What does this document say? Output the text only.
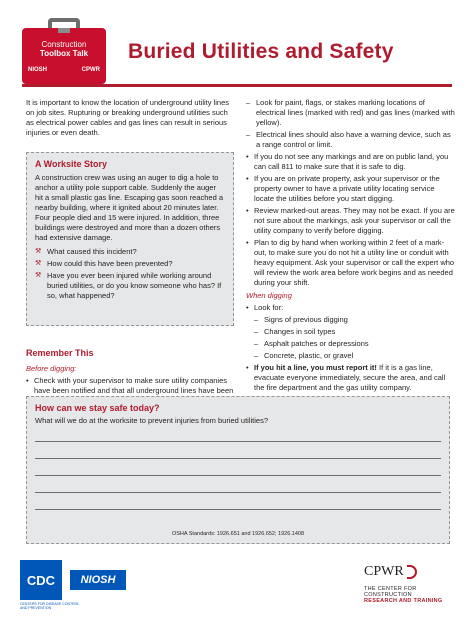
Construction
Toolbox Talk
NIOSH	CPWR
Buried Utilities and Safety

It is important to know the location of underground utility lines on job sites. Rupturing or breaking underground utilities such as electrical power cables and gas lines can result in serious injuries or even death.

A Worksite Story

A construction crew was using an auger to dig a hole to anchor a utility pole support cable. Suddenly the auger hit a small plastic gas line. Escaping gas soon reached a nearby building, where it ignited about 20 minutes later. Four people died and 15 were injured. In addition, three buildings were destroyed and more than a dozen others had extensive damage.

⚒ What caused this incident?
⚒ How could this have been prevented?
⚒ Have you ever been injured while working around buried utilities, or do you know someone who has? If so, what happened?
Remember This
Before digging:
• Check with your supervisor to make sure utility companies have been notified and that all underground lines have been
– Look for paint, flags, or stakes marking locations of electrical lines (marked with red) and gas lines (marked with yellow).
– Electrical lines should also have a warning device, such as a range control or limit.
• If you do not see any markings and are on public land, you can call 811 to make sure that it is safe to dig.
• If you are on private property, ask your supervisor or the property owner to have a private utility locating service locate the utilities before you start digging.
• Review marked-out areas. They may not be exact. If you are not sure about the markings, ask your supervisor or call the utility company to verify before digging.
• Plan to dig by hand when working within 2 feet of a mark-out, to make sure you do not hit a utility line or conduit with heavy equipment. Ask your supervisor or call the expert who will review the work area before work begins and as needed during your shift.
When digging
• Look for:
– Signs of previous digging
– Changes in soil types
– Asphalt patches or depressions
– Concrete, plastic, or gravel
• If you hit a line, you must report it! If it is a gas line, evacuate everyone immediately, secure the area, and call the fire department and the gas utility company.
How can we stay safe today?
What will we do at the worksite to prevent injuries from buried utilities?
OSHA Standards: 1926.651 and 1926.652; 1926.1408
CDC
CENTERS FOR DISEASE CONTROL AND PREVENTION
NIOSH
CPWR
THE CENTER FOR CONSTRUCTION
RESEARCH AND TRAINING
